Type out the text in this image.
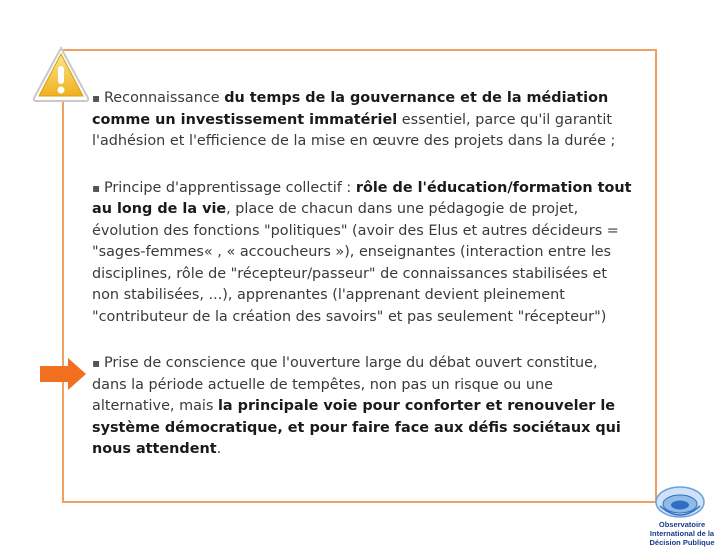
▪ Reconnaissance du temps de la gouvernance et de la médiation comme un investissement immatériel essentiel, parce qu'il garantit l'adhésion et l'efficience de la mise en œuvre des projets dans la durée ;

▪ Principe d'apprentissage collectif : rôle de l'éducation/formation tout au long de la vie, place de chacun dans une pédagogie de projet, évolution des fonctions "politiques" (avoir des Elus et autres décideurs = "sages-femmes« , « accoucheurs »), enseignantes (interaction entre les disciplines, rôle de "récepteur/passeur" de connaissances stabilisées et non stabilisées, ...), apprenantes (l'apprenant devient pleinement "contributeur de la création des savoirs" et pas seulement "récepteur")

▪ Prise de conscience que l'ouverture large du débat ouvert constitue, dans la période actuelle de tempêtes, non pas un risque ou une alternative, mais la principale voie pour conforter et renouveler le système démocratique, et pour faire face aux défis sociétaux qui nous attendent.

Observatoire International de la
Décision Publique
